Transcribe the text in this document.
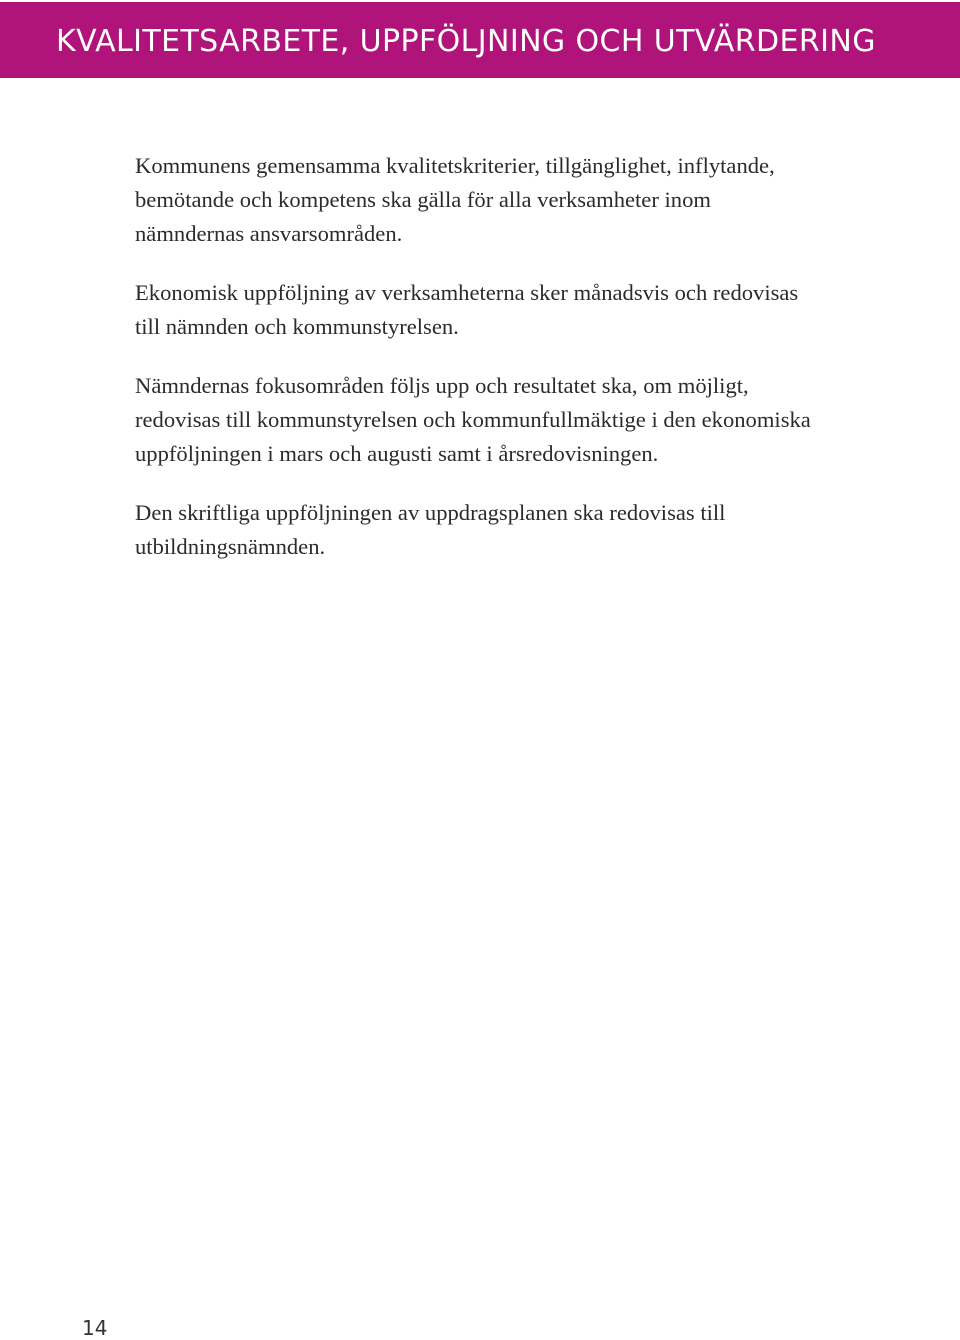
KVALITETSARBETE, UPPFÖLJNING OCH UTVÄRDERING

Kommunens gemensamma kvalitetskriterier, tillgänglighet, inflytande,
bemötande och kompetens ska gälla för alla verksamheter inom
nämndernas ansvarsområden.

Ekonomisk uppföljning av verksamheterna sker månadsvis och redovisas
till nämnden och kommunstyrelsen.

Nämndernas fokusområden följs upp och resultatet ska, om möjligt,
redovisas till kommunstyrelsen och kommunfullmäktige i den ekonomiska
uppföljningen i mars och augusti samt i årsredovisningen.

Den skriftliga uppföljningen av uppdragsplanen ska redovisas till
utbildningsnämnden.

14
